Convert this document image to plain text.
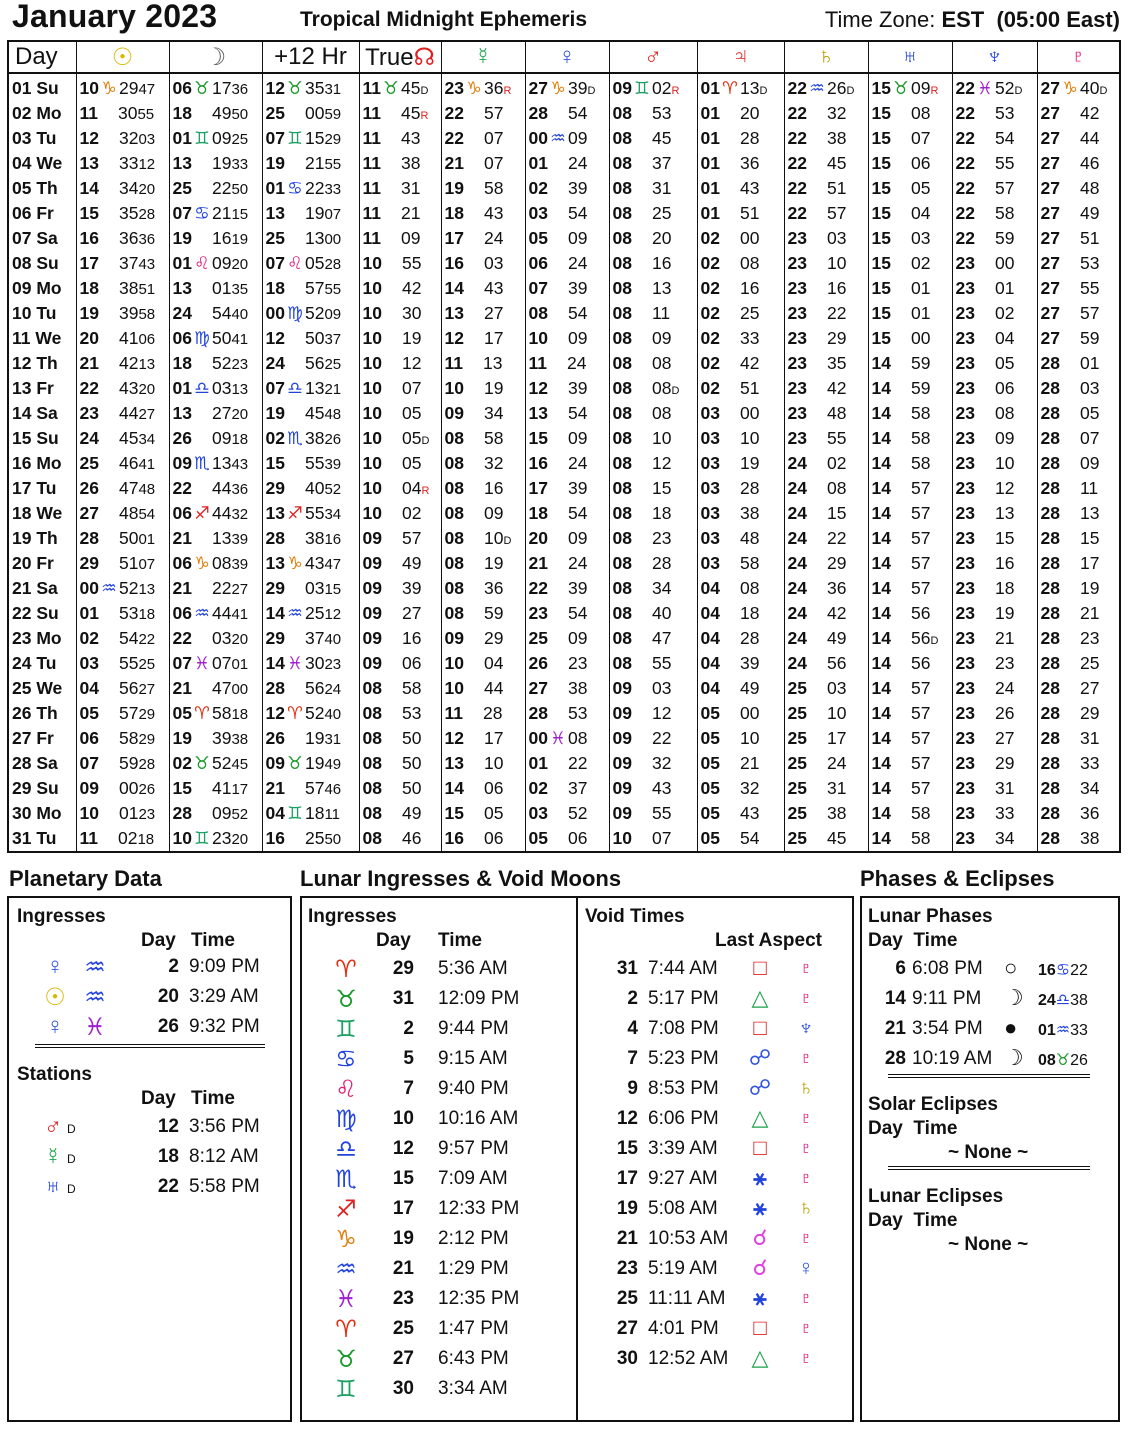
January 2023	Tropical Midnight Ephemeris	Time Zone: EST (05:00 East)
Day	☉	☽	+12 Hr	True☊	☿	♀	♂	♃	♄	♅	♆	♇
01 Su	10 ♑ 2947	06 ♉ 1736	12 ♉ 3531	11 ♉ 45D	23 ♑ 36R	27 ♑ 39D	09 ♊ 02R	01 ♈ 13D	22 ♒ 26D	15 ♉ 09R	22 ♓ 52D	27 ♑ 40D
02 Mo	11 3055	18 4950	25 0059	11 45R	22 57	28 54	08 53	01 20	22 32	15 08	22 53	27 42
03 Tu	12 3203	01 ♊ 0925	07 ♊ 1529	11 43	22 07	00 ♒ 09	08 45	01 28	22 38	15 07	22 54	27 44
04 We	13 3312	13 1933	19 2155	11 38	21 07	01 24	08 37	01 36	22 45	15 06	22 55	27 46
05 Th	14 3420	25 2250	01 ♋ 2233	11 31	19 58	02 39	08 31	01 43	22 51	15 05	22 57	27 48
06 Fr	15 3528	07 ♋ 2115	13 1907	11 21	18 43	03 54	08 25	01 51	22 57	15 04	22 58	27 49
07 Sa	16 3636	19 1619	25 1300	11 09	17 24	05 09	08 20	02 00	23 03	15 03	22 59	27 51
08 Su	17 3743	01 ♌ 0920	07 ♌ 0528	10 55	16 03	06 24	08 16	02 08	23 10	15 02	23 00	27 53
09 Mo	18 3851	13 0135	18 5755	10 42	14 43	07 39	08 13	02 16	23 16	15 01	23 01	27 55
10 Tu	19 3958	24 5440	00 ♍ 5209	10 30	13 27	08 54	08 11	02 25	23 22	15 01	23 02	27 57
11 We	20 4106	06 ♍ 5041	12 5037	10 19	12 17	10 09	08 09	02 33	23 29	15 00	23 04	27 59
12 Th	21 4213	18 5223	24 5625	10 12	11 13	11 24	08 08	02 42	23 35	14 59	23 05	28 01
13 Fr	22 4320	01 ♎ 0313	07 ♎ 1321	10 07	10 19	12 39	08 08D	02 51	23 42	14 59	23 06	28 03
14 Sa	23 4427	13 2720	19 4548	10 05	09 34	13 54	08 08	03 00	23 48	14 58	23 08	28 05
15 Su	24 4534	26 0918	02 ♏ 3826	10 05D	08 58	15 09	08 10	03 10	23 55	14 58	23 09	28 07
16 Mo	25 4641	09 ♏ 1343	15 5539	10 05	08 32	16 24	08 12	03 19	24 02	14 58	23 10	28 09
17 Tu	26 4748	22 4436	29 4052	10 04R	08 16	17 39	08 15	03 28	24 08	14 57	23 12	28 11
18 We	27 4854	06 ♐ 4432	13 ♐ 5534	10 02	08 09	18 54	08 18	03 38	24 15	14 57	23 13	28 13
19 Th	28 5001	21 1339	28 3816	09 57	08 10D	20 09	08 23	03 48	24 22	14 57	23 15	28 15
20 Fr	29 5107	06 ♑ 0839	13 ♑ 4347	09 49	08 19	21 24	08 28	03 58	24 29	14 57	23 16	28 17
21 Sa	00 ♒ 5213	21 2227	29 0315	09 39	08 36	22 39	08 34	04 08	24 36	14 57	23 18	28 19
22 Su	01 5318	06 ♒ 4441	14 ♒ 2512	09 27	08 59	23 54	08 40	04 18	24 42	14 56	23 19	28 21
23 Mo	02 5422	22 0320	29 3740	09 16	09 29	25 09	08 47	04 28	24 49	14 56D	23 21	28 23
24 Tu	03 5525	07 ♓ 0701	14 ♓ 3023	09 06	10 04	26 23	08 55	04 39	24 56	14 56	23 23	28 25
25 We	04 5627	21 4700	28 5624	08 58	10 44	27 38	09 03	04 49	25 03	14 57	23 24	28 27
26 Th	05 5729	05 ♈ 5818	12 ♈ 5240	08 53	11 28	28 53	09 12	05 00	25 10	14 57	23 26	28 29
27 Fr	06 5829	19 3938	26 1931	08 50	12 17	00 ♓ 08	09 22	05 10	25 17	14 57	23 27	28 31
28 Sa	07 5928	02 ♉ 5245	09 ♉ 1949	08 50	13 10	01 22	09 32	05 21	25 24	14 57	23 29	28 33
29 Su	09 0026	15 4117	21 5746	08 50	14 06	02 37	09 43	05 32	25 31	14 57	23 31	28 34
30 Mo	10 0123	28 0952	04 ♊ 1811	08 49	15 05	03 52	09 55	05 43	25 38	14 58	23 33	28 36
31 Tu	11 0218	10 ♊ 2320	16 2550	08 46	16 06	05 06	10 07	05 54	25 45	14 58	23 34	28 38
Planetary Data
Ingresses
Day Time
♀ ♒	2 9:09 PM
☉ ♒	20 3:29 AM
♀ ♓	26 9:32 PM
Stations
Day Time
♂ D	12 3:56 PM
☿ D	18 8:12 AM
♅ D	22 5:58 PM
Lunar Ingresses & Void Moons
Ingresses
Day Time
♈	29 5:36 AM
♉	31 12:09 PM
♊	2 9:44 PM
♋	5 9:15 AM
♌	7 9:40 PM
♍	10 10:16 AM
♎	12 9:57 PM
♏	15 7:09 AM
♐	17 12:33 PM
♑	19 2:12 PM
♒	21 1:29 PM
♓	23 12:35 PM
♈	25 1:47 PM
♉	27 6:43 PM
♊	30 3:34 AM
Void Times
Last Aspect
31 7:44 AM	□	♇
2 5:17 PM △ ♇
4 7:08 PM	□	♆
7 5:23 PM ☍ ♇
9 8:53 PM ☍ ♄
12 6:06 PM △ ♇
15 3:39 AM	□	♇
17 9:27 AM	⚹	♇
19 5:08 AM	⚹	♄
21 10:53 AM	☌	♇
23 5:19 AM	☌	♀
25 11:11 AM	⚹	♇
27 4:01 PM	□	♇
30 12:52 AM △ ♇
Phases & Eclipses
Lunar Phases
Day  Time
6 6:08 PM ○ 16♋22
14 9:11 PM ☽ 24♎38
21 3:54 PM ● 01♒33
28 10:19 AM ☽ 08♉26
Solar Eclipses
Day  Time
~ None ~
Lunar Eclipses
Day  Time
~ None ~
